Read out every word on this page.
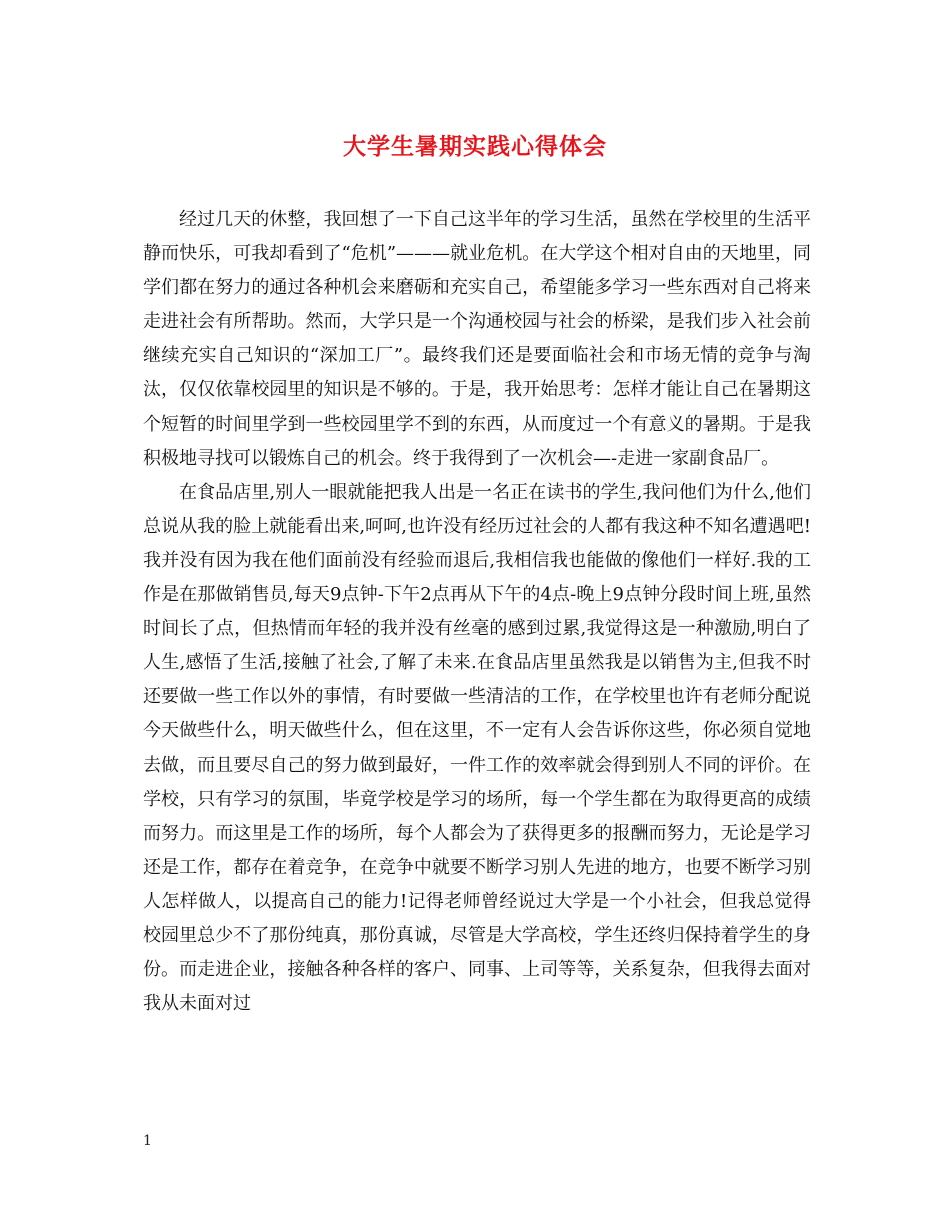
大学生暑期实践心得体会

经过几天的休整，我回想了一下自己这半年的学习生活，虽然在学校里的生活平静而快乐，可我却看到了“危机”———就业危机。在大学这个相对自由的天地里，同学们都在努力的通过各种机会来磨砺和充实自己，希望能多学习一些东西对自己将来走进社会有所帮助。然而，大学只是一个沟通校园与社会的桥梁，是我们步入社会前继续充实自己知识的“深加工厂”。最终我们还是要面临社会和市场无情的竞争与淘汰，仅仅依靠校园里的知识是不够的。于是，我开始思考：怎样才能让自己在暑期这个短暂的时间里学到一些校园里学不到的东西，从而度过一个有意义的暑期。于是我积极地寻找可以锻炼自己的机会。终于我得到了一次机会—-走进一家副食品厂。

在食品店里,别人一眼就能把我人出是一名正在读书的学生,我问他们为什么,他们总说从我的脸上就能看出来,呵呵,也许没有经历过社会的人都有我这种不知名遭遇吧!我并没有因为我在他们面前没有经验而退后,我相信我也能做的像他们一样好.我的工作是在那做销售员,每天9点钟-下午2点再从下午的4点-晚上9点钟分段时间上班,虽然时间长了点，但热情而年轻的我并没有丝毫的感到过累,我觉得这是一种激励,明白了人生,感悟了生活,接触了社会,了解了未来.在食品店里虽然我是以销售为主,但我不时还要做一些工作以外的事情，有时要做一些清洁的工作，在学校里也许有老师分配说今天做些什么，明天做些什么，但在这里，不一定有人会告诉你这些，你必须自觉地去做，而且要尽自己的努力做到最好，一件工作的效率就会得到别人不同的评价。在学校，只有学习的氛围，毕竟学校是学习的场所，每一个学生都在为取得更高的成绩而努力。而这里是工作的场所，每个人都会为了获得更多的报酬而努力，无论是学习还是工作，都存在着竞争，在竞争中就要不断学习别人先进的地方，也要不断学习别人怎样做人，以提高自己的能力!记得老师曾经说过大学是一个小社会，但我总觉得校园里总少不了那份纯真，那份真诚，尽管是大学高校，学生还终归保持着学生的身份。而走进企业，接触各种各样的客户、同事、上司等等，关系复杂，但我得去面对我从未面对过

1
